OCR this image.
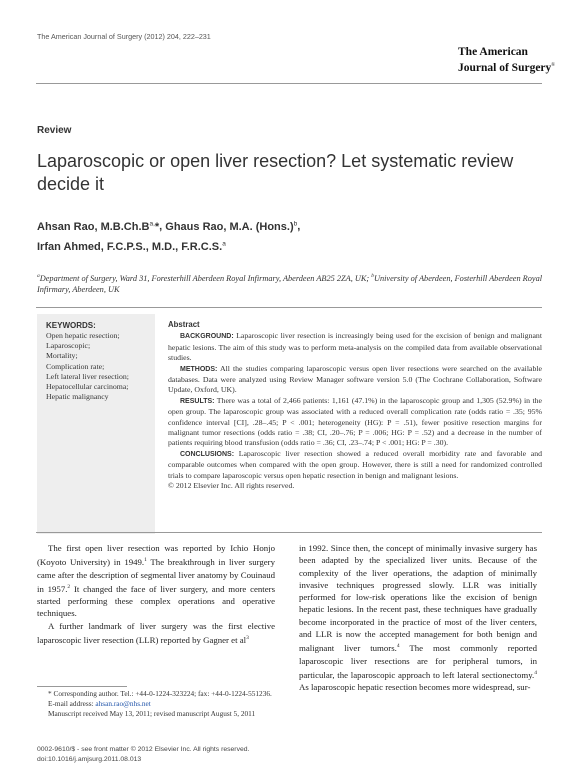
The American Journal of Surgery (2012) 204, 222–231
The American
Journal of Surgery®
Review
Laparoscopic or open liver resection? Let systematic review decide it
Ahsan Rao, $M.B.Ch.B^{a,}*$, Ghaus Rao, M.A. (Hons.)$^b$,
Irfan Ahmed, F.C.P.S., M.D., F.R.C.S.$^a$
$^a$Department of Surgery, Ward 31, Foresterhill Aberdeen Royal Infirmary, Aberdeen AB25 2ZA, UK; $^b$University of Aberdeen, Fosterhill Aberdeen Royal Infirmary, Aberdeen, UK
KEYWORDS:
Open hepatic resection;
Laparoscopic;
Mortality;
Complication rate;
Left lateral liver resection;
Hepatocellular carcinoma;
Hepatic malignancy
Abstract

BACKGROUND: Laparoscopic liver resection is increasingly being used for the excision of benign and malignant hepatic lesions. The aim of this study was to perform meta-analysis on the compiled data from available observational studies.

METHODS: All the studies comparing laparoscopic versus open liver resections were searched on the available databases. Data were analyzed using Review Manager software version 5.0 (The Cochrane Collaboration, Software Update, Oxford, UK).

RESULTS: There was a total of 2,466 patients: 1,161 (47.1%) in the laparoscopic group and 1,305 (52.9%) in the open group. The laparoscopic group was associated with a reduced overall complication rate (odds ratio = .35; 95% confidence interval [CI], .28–.45; P < .001; heterogeneity (HG): P = .51), fewer positive resection margins for malignant tumor resections (odds ratio = .38; CI, .20–.76; P = .006; HG: P = .52) and a decrease in the number of patients requiring blood transfusion (odds ratio = .36; CI, .23–.74; P < .001; HG: P = .30).

CONCLUSIONS: Laparoscopic liver resection showed a reduced overall morbidity rate and favorable and comparable outcomes when compared with the open group. However, there is still a need for randomized controlled trials to compare laparoscopic versus open hepatic resection in benign and malignant lesions.

© 2012 Elsevier Inc. All rights reserved.

The first open liver resection was reported by Ichio Honjo (Koyoto University) in 1949.$^1$ The breakthrough in liver surgery came after the description of segmental liver anatomy by Couinaud in 1957.$^2$ It changed the face of liver surgery, and more centers started performing these complex operations and operative techniques.

A further landmark of liver surgery was the first elective laparoscopic liver resection (LLR) reported by Gagner et $al^3$

in 1992. Since then, the concept of minimally invasive surgery has been adapted by the specialized liver units. Because of the complexity of the liver operations, the adaption of minimally invasive techniques progressed slowly. LLR was initially performed for low-risk operations like the excision of benign hepatic lesions. In the recent past, these techniques have gradually become incorporated in the practice of most of the liver centers, and LLR is now the accepted management for both benign and malignant liver tumors.$^4$ The most commonly reported laparoscopic liver resections are for peripheral tumors, in particular, the laparoscopic approach to left lateral sectionectomy.$^4$ As laparoscopic hepatic resection becomes more widespread, sur-

* Corresponding author. Tel.: +44-0-1224-323224; fax: +44-0-1224-551236.

E-mail address: ahsan.rao@nhs.net

Manuscript received May 13, 2011; revised manuscript August 5, 2011

0002-9610/$ - see front matter © 2012 Elsevier Inc. All rights reserved.
doi:10.1016/j.amjsurg.2011.08.013
